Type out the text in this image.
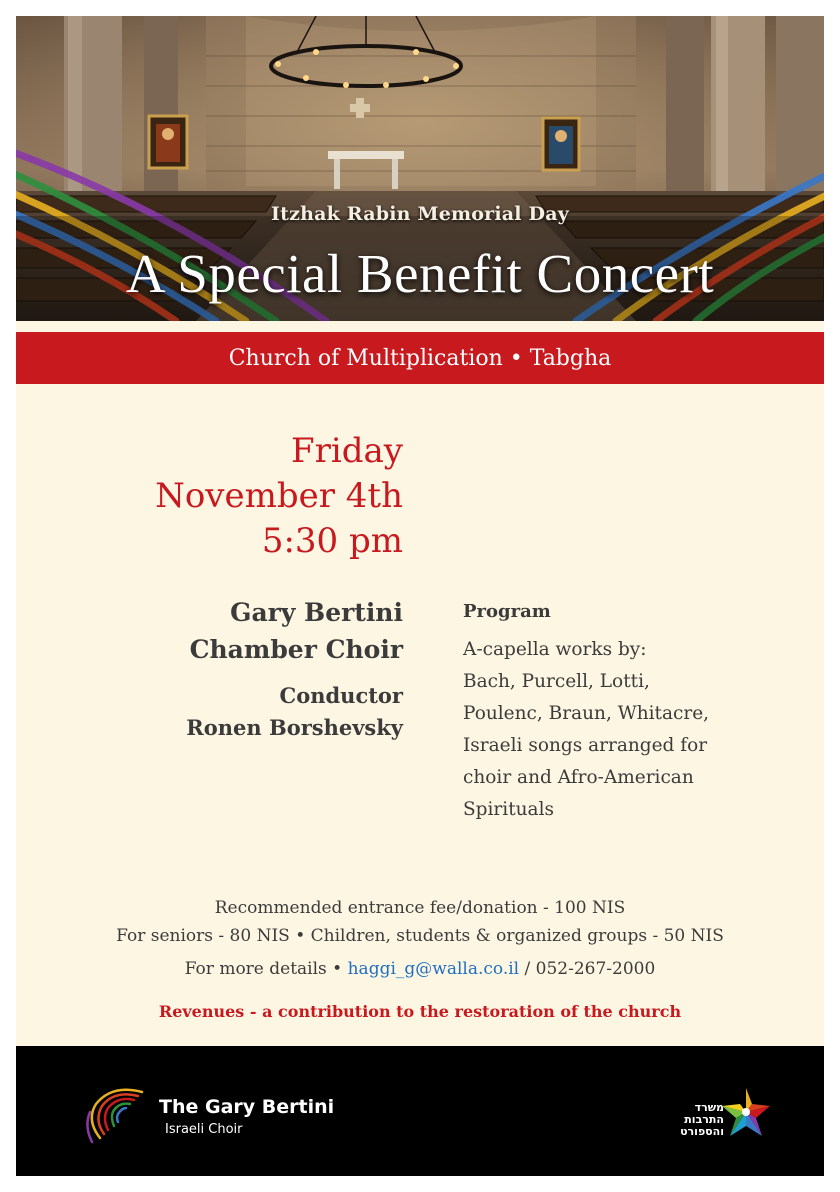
Itzhak Rabin Memorial Day
A Special Benefit Concert
Church of Multiplication • Tabgha
Friday
November 4th
5:30 pm
Gary Bertini
Chamber Choir
Conductor
Ronen Borshevsky
Program
A-capella works by:
Bach, Purcell, Lotti,
Poulenc, Braun, Whitacre,
Israeli songs arranged for
choir and Afro-American
Spirituals
Recommended entrance fee/donation - 100 NIS
For seniors - 80 NIS • Children, students & organized groups - 50 NIS
For more details • haggi_g@walla.co.il / 052-267-2000
Revenues - a contribution to the restoration of the church
The Gary Bertini
Israeli Choir
משרד
התרבות
והספורט
